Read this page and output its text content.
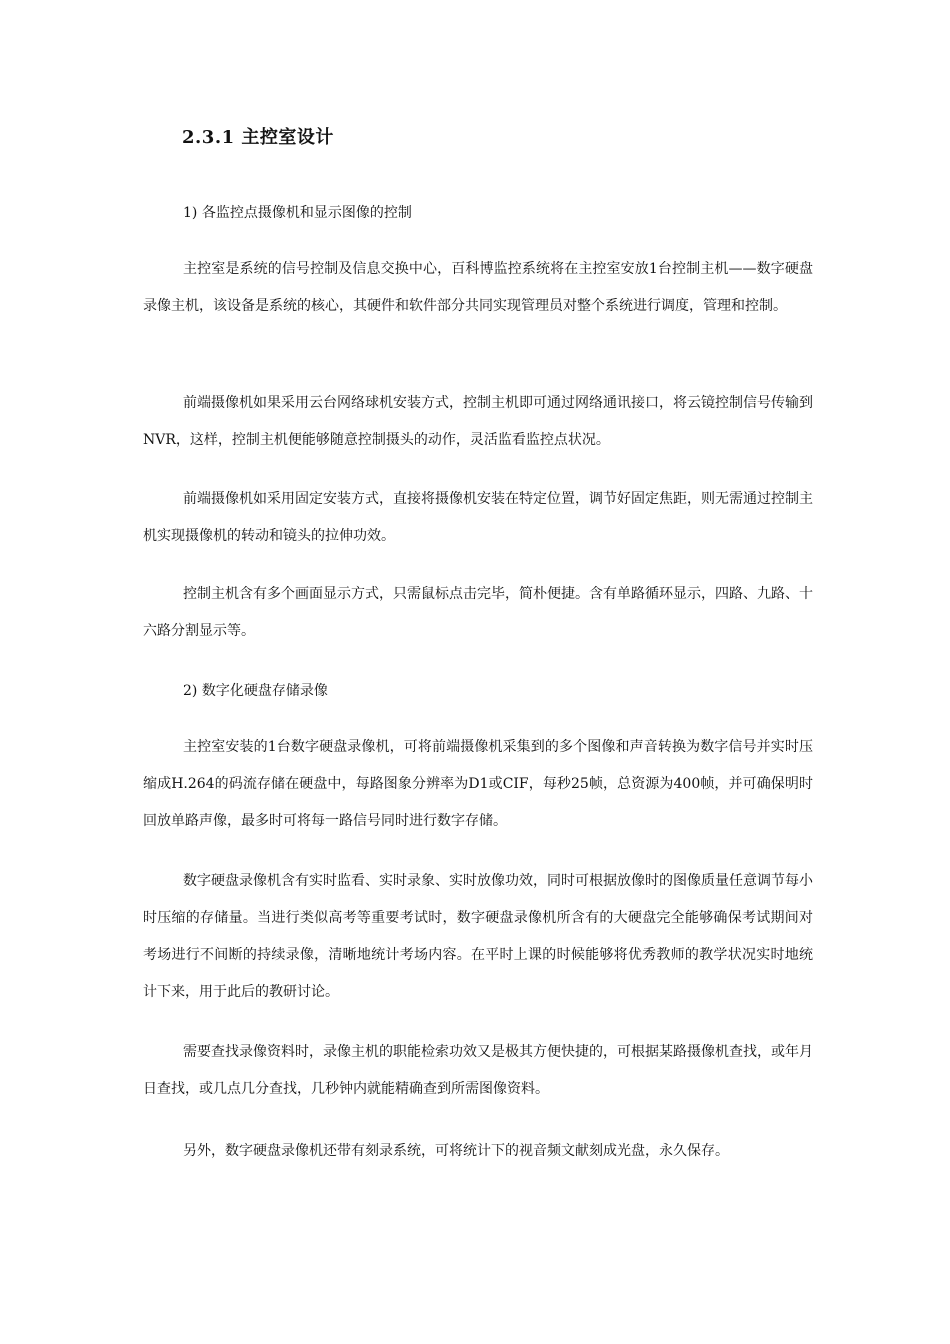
2.3.1 主控室设计

1) 各监控点摄像机和显示图像的控制

主控室是系统的信号控制及信息交换中心，百科博监控系统将在主控室安放1台控制主机——数字硬盘录像主机，该设备是系统的核心，其硬件和软件部分共同实现管理员对整个系统进行调度，管理和控制。

前端摄像机如果采用云台网络球机安装方式，控制主机即可通过网络通讯接口，将云镜控制信号传输到NVR，这样，控制主机便能够随意控制摄头的动作，灵活监看监控点状况。

前端摄像机如采用固定安装方式，直接将摄像机安装在特定位置，调节好固定焦距，则无需通过控制主机实现摄像机的转动和镜头的拉伸功效。

控制主机含有多个画面显示方式，只需鼠标点击完毕，简朴便捷。含有单路循环显示，四路、九路、十六路分割显示等。

2) 数字化硬盘存储录像

主控室安装的1台数字硬盘录像机，可将前端摄像机采集到的多个图像和声音转换为数字信号并实时压缩成H.264的码流存储在硬盘中，每路图象分辨率为D1或CIF，每秒25帧，总资源为400帧，并可确保明时回放单路声像，最多时可将每一路信号同时进行数字存储。

数字硬盘录像机含有实时监看、实时录象、实时放像功效，同时可根据放像时的图像质量任意调节每小时压缩的存储量。当进行类似高考等重要考试时，数字硬盘录像机所含有的大硬盘完全能够确保考试期间对考场进行不间断的持续录像，清晰地统计考场内容。在平时上课的时候能够将优秀教师的教学状况实时地统计下来，用于此后的教研讨论。

需要查找录像资料时，录像主机的职能检索功效又是极其方便快捷的，可根据某路摄像机查找，或年月日查找，或几点几分查找，几秒钟内就能精确查到所需图像资料。

另外，数字硬盘录像机还带有刻录系统，可将统计下的视音频文献刻成光盘，永久保存。
